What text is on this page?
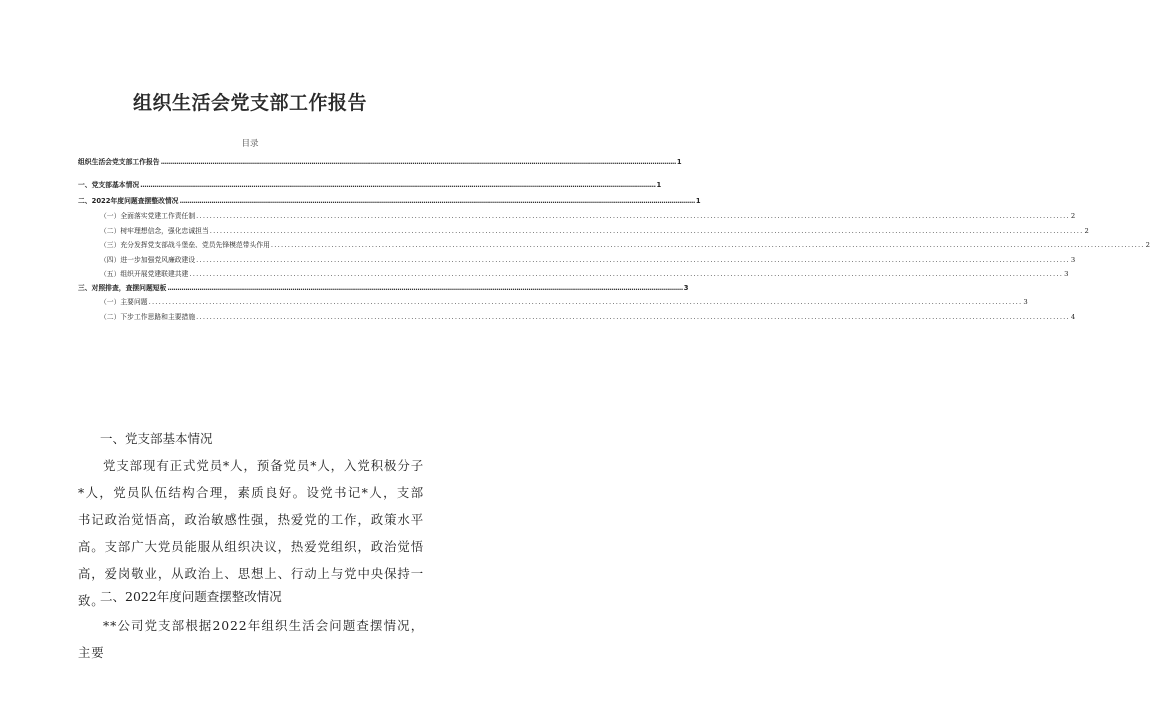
组织生活会党支部工作报告
目录
组织生活会党支部工作报告 .................................................................................................................................................................................................................................................................... 1
一、党支部基本情况 .................................................................................................................................................................................................................................................................... 1
二、2022年度问题查摆整改情况 .................................................................................................................................................................................................................................................................... 1
（一）全面落实党建工作责任制 .................................................................................................................................................................................................................................................................... 2
（二）树牢理想信念，强化忠诚担当 .................................................................................................................................................................................................................................................................... 2
（三）充分发挥党支部战斗堡垒、党员先锋模范带头作用 .................................................................................................................................................................................................................................................................... 2
（四）进一步加强党风廉政建设 .................................................................................................................................................................................................................................................................... 3
（五）组织开展党建联建共建 .................................................................................................................................................................................................................................................................... 3
三、对照排查，查摆问题短板 .................................................................................................................................................................................................................................................................... 3
（一）主要问题 .................................................................................................................................................................................................................................................................... 3
（二）下步工作思路和主要措施 .................................................................................................................................................................................................................................................................... 4
一、党支部基本情况
党支部现有正式党员*人，预备党员*人，入党积极分子*人，党员队伍结构合理，素质良好。设党书记*人，支部书记政治觉悟高，政治敏感性强，热爱党的工作，政策水平高。支部广大党员能服从组织决议，热爱党组织，政治觉悟高，爱岗敬业，从政治上、思想上、行动上与党中央保持一致。
二、2022年度问题查摆整改情况
**公司党支部根据2022年组织生活会问题查摆情况，主要
